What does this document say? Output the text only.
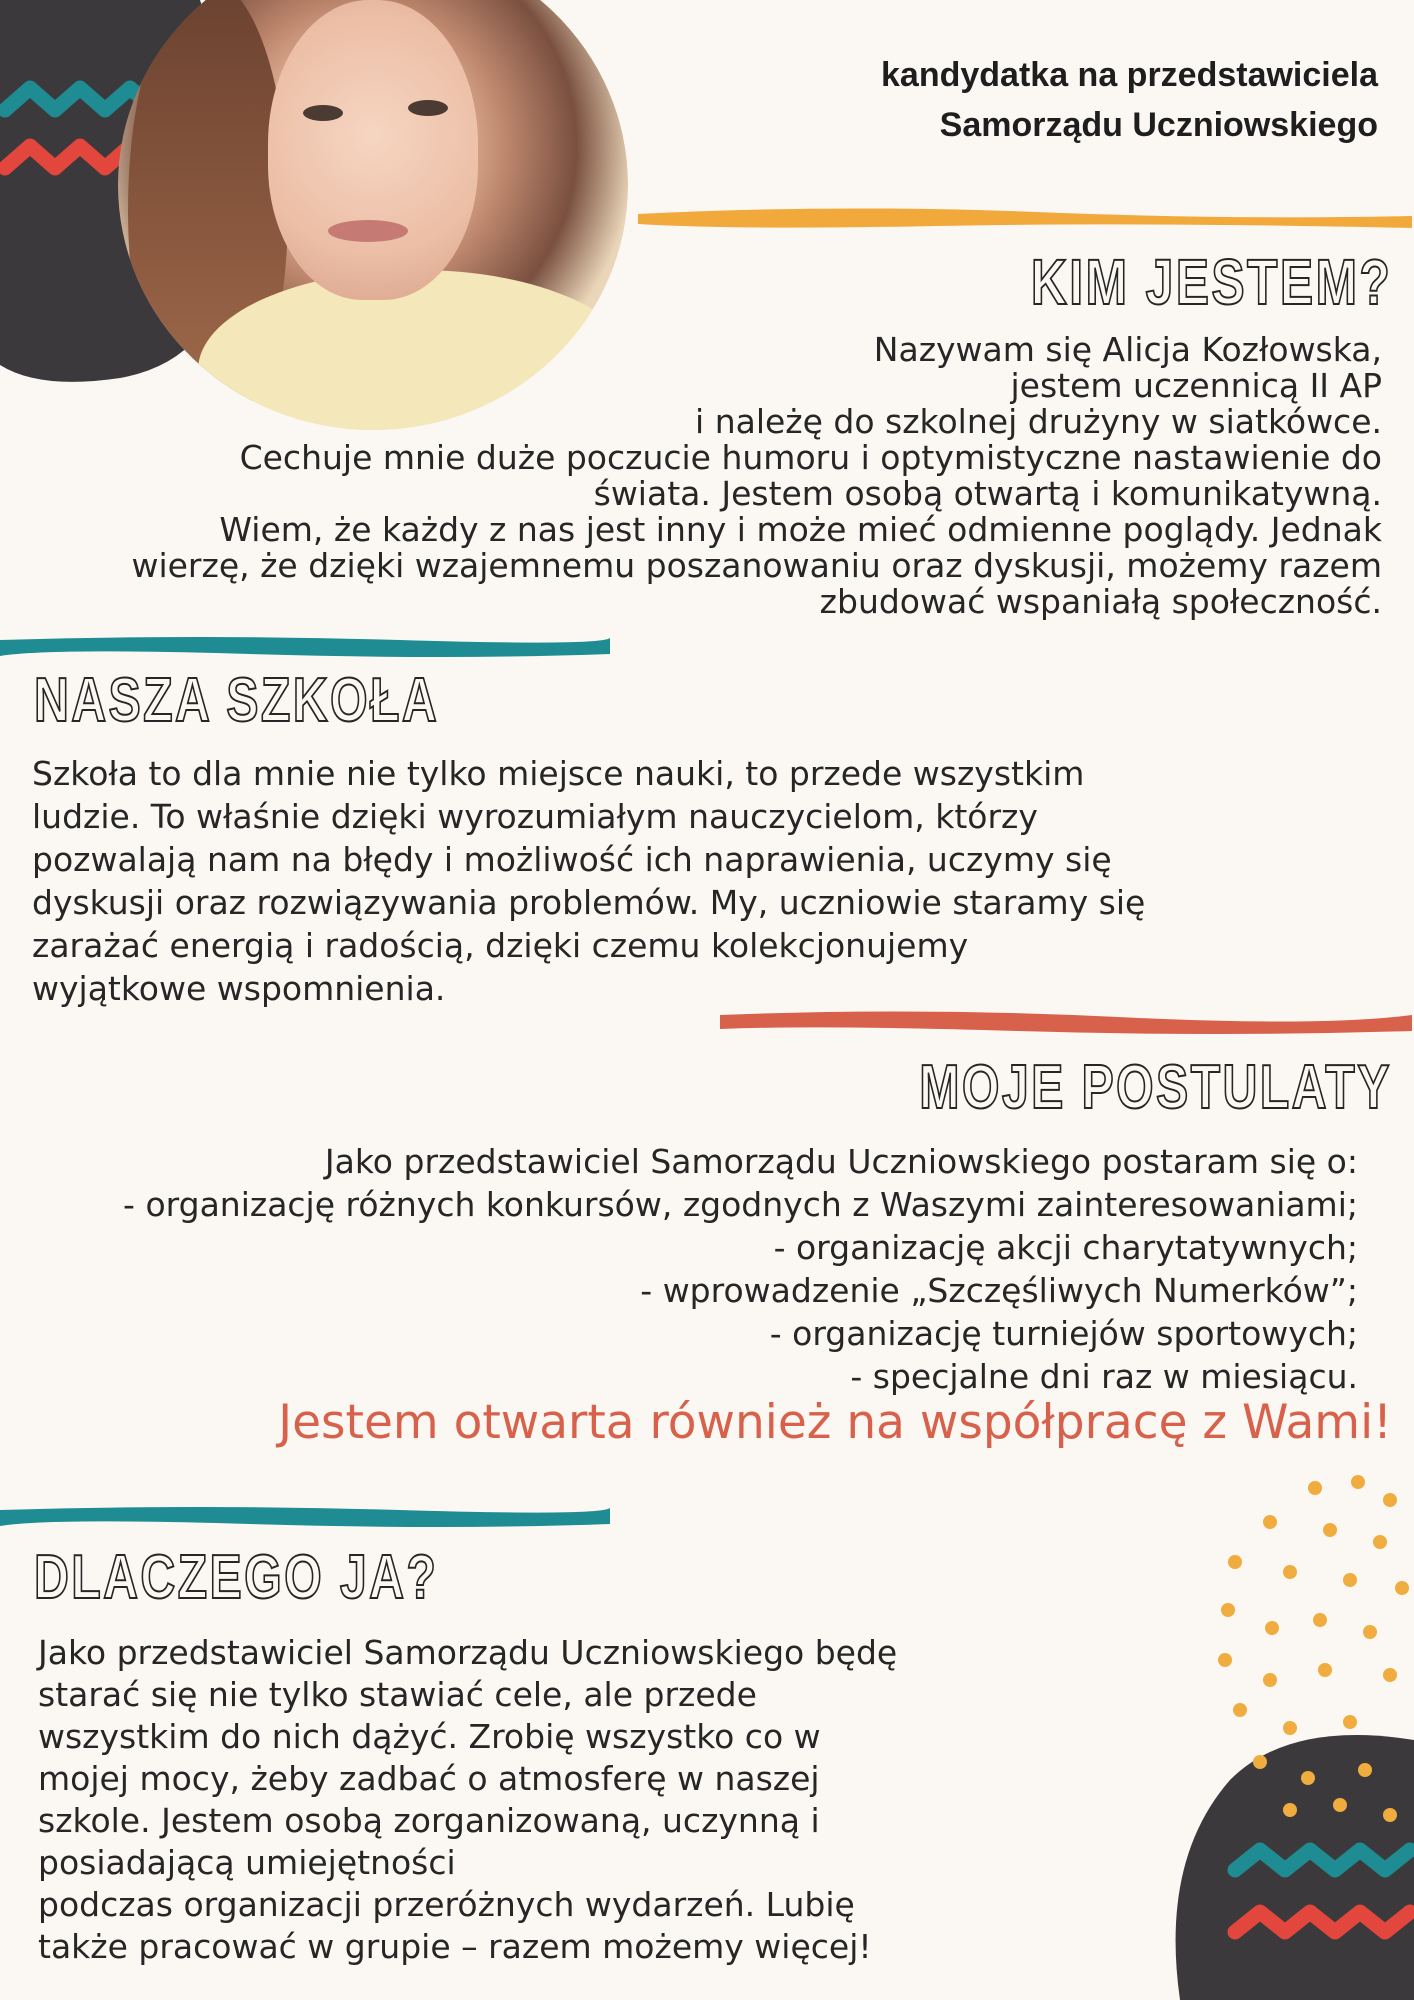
kandydatka na przedstawiciela
Samorządu Uczniowskiego
KIM JESTEM?
Nazywam się Alicja Kozłowska,
jestem uczennicą II AP
i należę do szkolnej drużyny w siatkówce.
Cechuje mnie duże poczucie humoru i optymistyczne nastawienie do
świata. Jestem osobą otwartą i komunikatywną.
Wiem, że każdy z nas jest inny i może mieć odmienne poglądy. Jednak
wierzę, że dzięki wzajemnemu poszanowaniu oraz dyskusji, możemy razem
zbudować wspaniałą społeczność.
NASZA SZKOŁA
Szkoła to dla mnie nie tylko miejsce nauki, to przede wszystkim
ludzie. To właśnie dzięki wyrozumiałym nauczycielom, którzy
pozwalają nam na błędy i możliwość ich naprawienia, uczymy się
dyskusji oraz rozwiązywania problemów. My, uczniowie staramy się
zarażać energią i radością, dzięki czemu kolekcjonujemy
wyjątkowe wspomnienia.
MOJE POSTULATY
Jako przedstawiciel Samorządu Uczniowskiego postaram się o:
- organizację różnych konkursów, zgodnych z Waszymi zainteresowaniami;
- organizację akcji charytatywnych;
- wprowadzenie „Szczęśliwych Numerków”;
- organizację turniejów sportowych;
- specjalne dni raz w miesiącu.
Jestem otwarta również na współpracę z Wami!
DLACZEGO JA?
Jako przedstawiciel Samorządu Uczniowskiego będę
starać się nie tylko stawiać cele, ale przede
wszystkim do nich dążyć. Zrobię wszystko co w
mojej mocy, żeby zadbać o atmosferę w naszej
szkole. Jestem osobą zorganizowaną, uczynną i
posiadającą umiejętności
podczas organizacji przeróżnych wydarzeń. Lubię
także pracować w grupie – razem możemy więcej!
